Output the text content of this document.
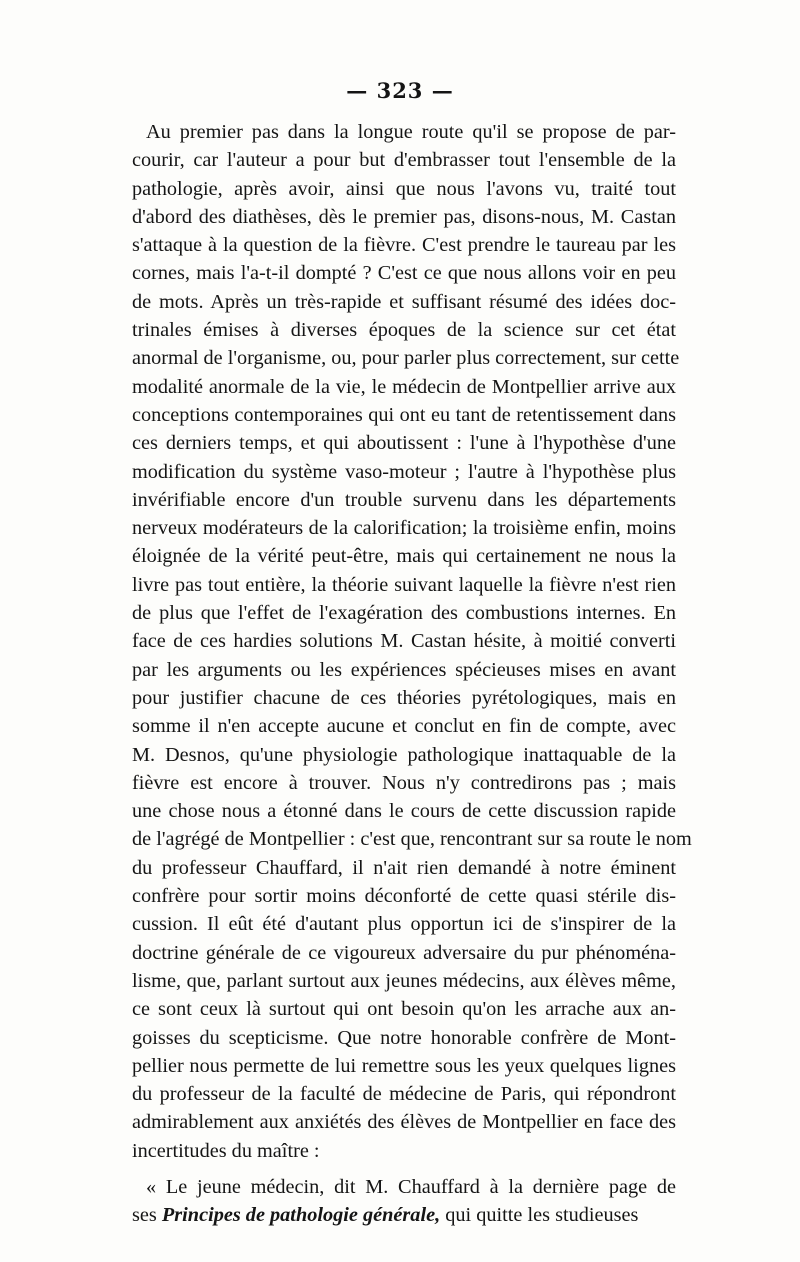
— 323 —
Au premier pas dans la longue route qu'il se propose de par-
courir, car l'auteur a pour but d'embrasser tout l'ensemble de la
pathologie, après avoir, ainsi que nous l'avons vu, traité tout
d'abord des diathèses, dès le premier pas, disons-nous, M. Castan
s'attaque à la question de la fièvre. C'est prendre le taureau par les
cornes, mais l'a-t-il dompté ? C'est ce que nous allons voir en peu
de mots. Après un très-rapide et suffisant résumé des idées doc-
trinales émises à diverses époques de la science sur cet état
anormal de l'organisme, ou, pour parler plus correctement, sur cette
modalité anormale de la vie, le médecin de Montpellier arrive aux
conceptions contemporaines qui ont eu tant de retentissement dans
ces derniers temps, et qui aboutissent : l'une à l'hypothèse d'une
modification du système vaso-moteur ; l'autre à l'hypothèse plus
invérifiable encore d'un trouble survenu dans les départements
nerveux modérateurs de la calorification; la troisième enfin, moins
éloignée de la vérité peut-être, mais qui certainement ne nous la
livre pas tout entière, la théorie suivant laquelle la fièvre n'est rien
de plus que l'effet de l'exagération des combustions internes. En
face de ces hardies solutions M. Castan hésite, à moitié converti
par les arguments ou les expériences spécieuses mises en avant
pour justifier chacune de ces théories pyrétologiques, mais en
somme il n'en accepte aucune et conclut en fin de compte, avec
M. Desnos, qu'une physiologie pathologique inattaquable de la
fièvre est encore à trouver. Nous n'y contredirons pas ; mais
une chose nous a étonné dans le cours de cette discussion rapide
de l'agrégé de Montpellier : c'est que, rencontrant sur sa route le nom
du professeur Chauffard, il n'ait rien demandé à notre éminent
confrère pour sortir moins déconforté de cette quasi stérile dis-
cussion. Il eût été d'autant plus opportun ici de s'inspirer de la
doctrine générale de ce vigoureux adversaire du pur phénoména-
lisme, que, parlant surtout aux jeunes médecins, aux élèves même,
ce sont ceux là surtout qui ont besoin qu'on les arrache aux an-
goisses du scepticisme. Que notre honorable confrère de Mont-
pellier nous permette de lui remettre sous les yeux quelques lignes
du professeur de la faculté de médecine de Paris, qui répondront
admirablement aux anxiétés des élèves de Montpellier en face des
incertitudes du maître :
« Le jeune médecin, dit M. Chauffard à la dernière page de
ses Principes de pathologie générale, qui quitte les studieuses
